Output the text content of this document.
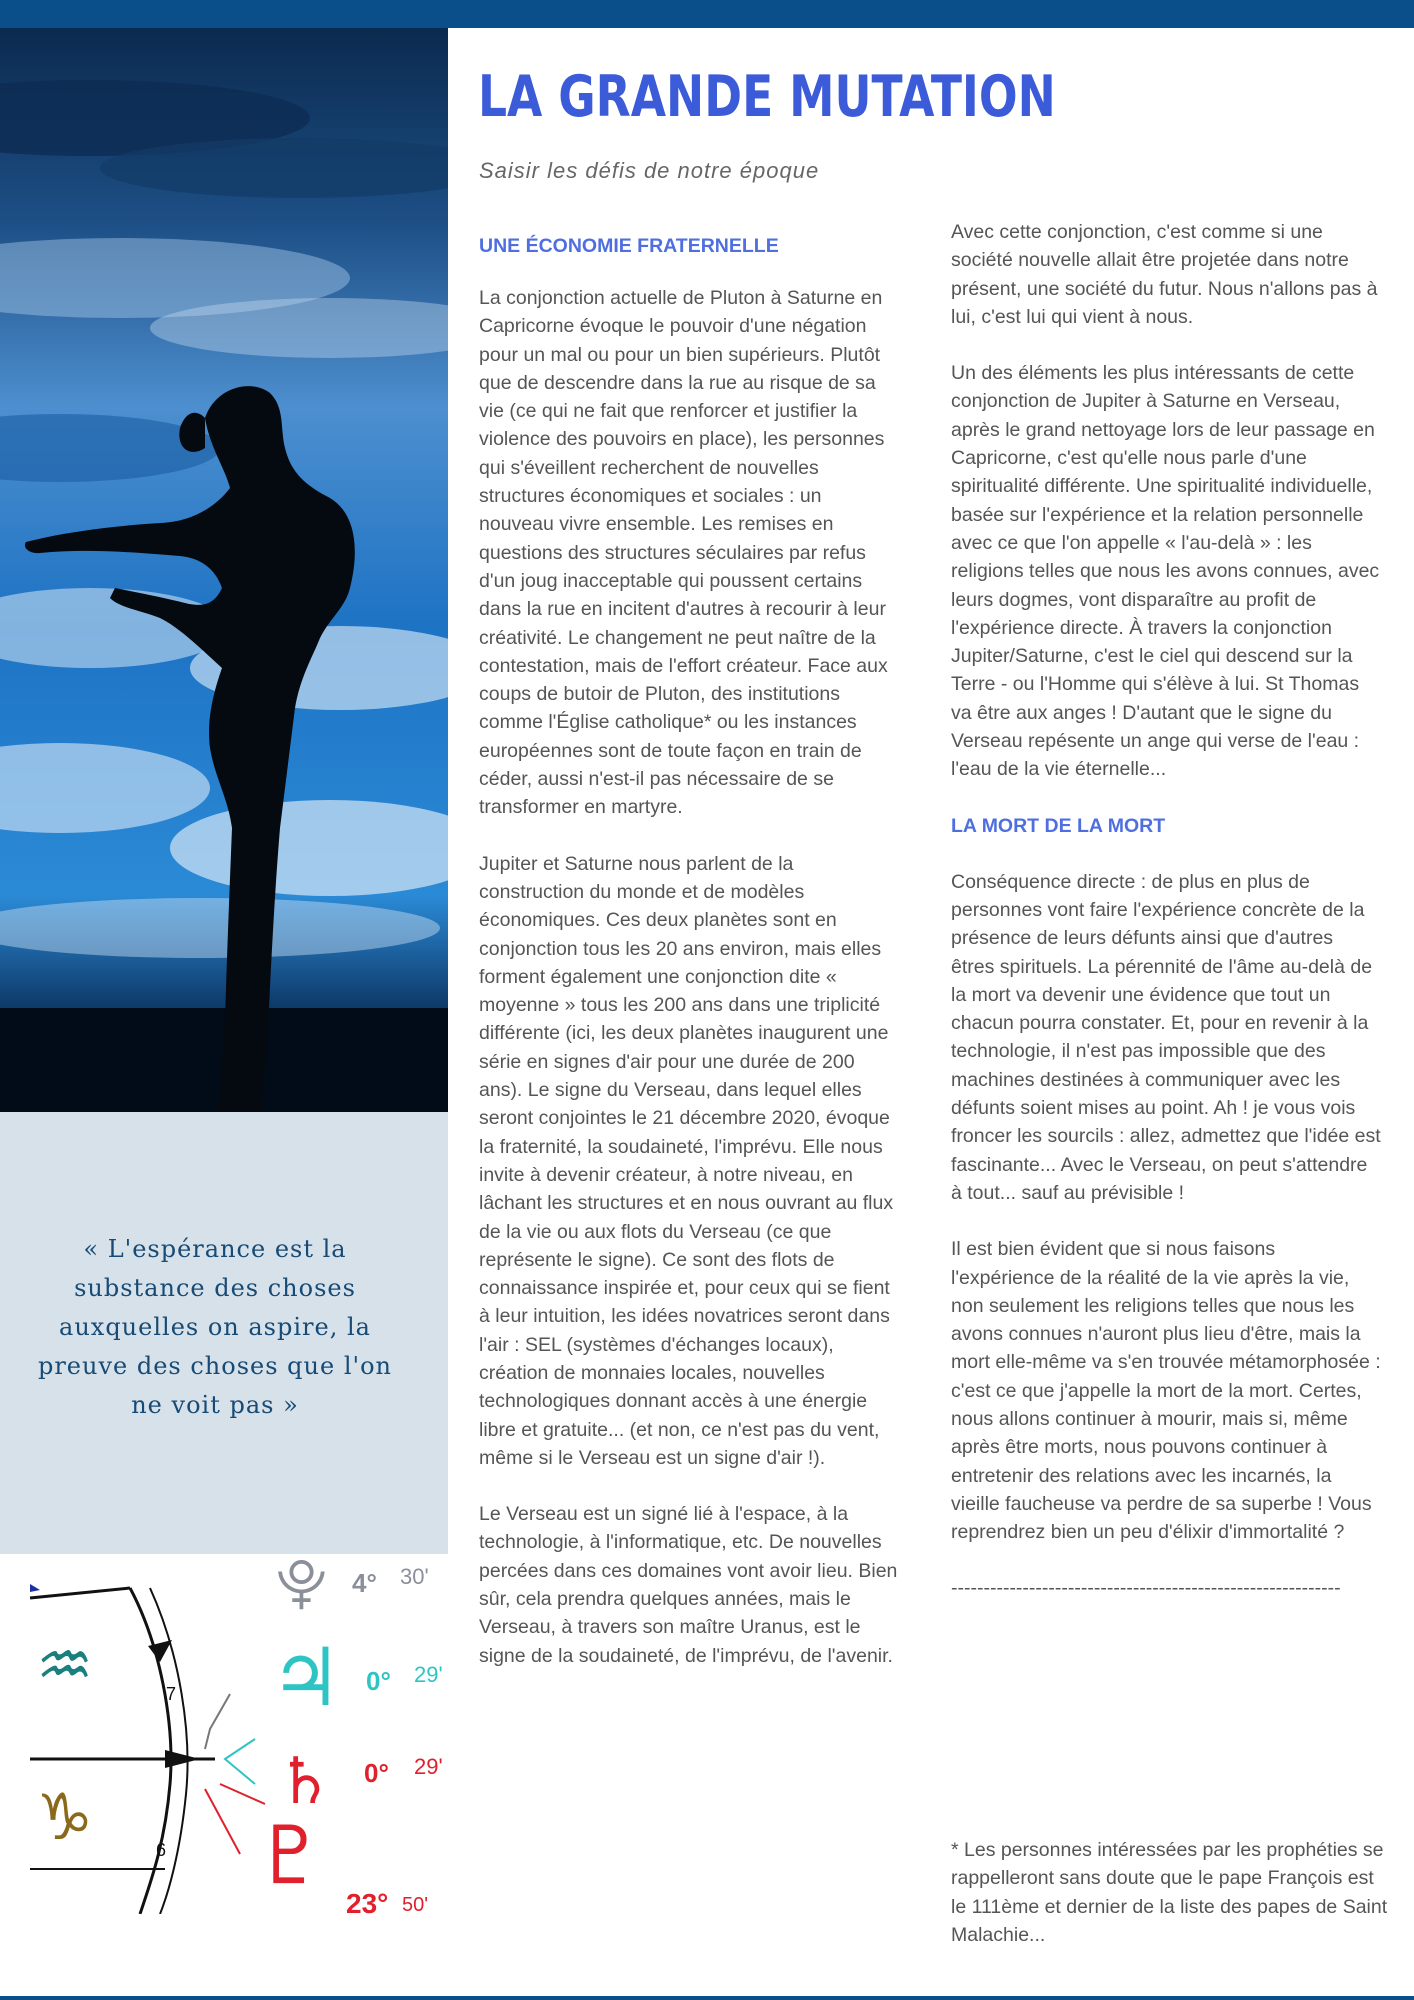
« L'espérance est la substance des choses auxquelles on aspire, la preuve des choses que l'on ne voit pas »
♒
♑
7
6
⯓ 4° 30'
♃ 0° 29'
♄ 0° 29'
♇
23° 50'
LA GRANDE MUTATION

Saisir les défis de notre époque

UNE ÉCONOMIE FRATERNELLE

La conjonction actuelle de Pluton à Saturne en Capricorne évoque le pouvoir d'une négation pour un mal ou pour un bien supérieurs. Plutôt que de descendre dans la rue au risque de sa vie (ce qui ne fait que renforcer et justifier la violence des pouvoirs en place), les personnes qui s'éveillent recherchent de nouvelles structures économiques et sociales : un nouveau vivre ensemble. Les remises en questions des structures séculaires par refus d'un joug inacceptable qui poussent certains dans la rue en incitent d'autres à recourir à leur créativité. Le changement ne peut naître de la contestation, mais de l'effort créateur. Face aux coups de butoir de Pluton, des institutions comme l'Église catholique* ou les instances européennes sont de toute façon en train de céder, aussi n'est-il pas nécessaire de se transformer en martyre.

Jupiter et Saturne nous parlent de la construction du monde et de modèles économiques. Ces deux planètes sont en conjonction tous les 20 ans environ, mais elles forment également une conjonction dite « moyenne » tous les 200 ans dans une triplicité différente (ici, les deux planètes inaugurent une série en signes d'air pour une durée de 200 ans). Le signe du Verseau, dans lequel elles seront conjointes le 21 décembre 2020, évoque la fraternité, la soudaineté, l'imprévu. Elle nous invite à devenir créateur, à notre niveau, en lâchant les structures et en nous ouvrant au flux de la vie ou aux flots du Verseau (ce que représente le signe). Ce sont des flots de connaissance inspirée et, pour ceux qui se fient à leur intuition, les idées novatrices seront dans l'air : SEL (systèmes d'échanges locaux), création de monnaies locales, nouvelles technologiques donnant accès à une énergie libre et gratuite... (et non, ce n'est pas du vent, même si le Verseau est un signe d'air !).

Le Verseau est un signé lié à l'espace, à la technologie, à l'informatique, etc. De nouvelles percées dans ces domaines vont avoir lieu. Bien sûr, cela prendra quelques années, mais le Verseau, à travers son maître Uranus, est le signe de la soudaineté, de l'imprévu, de l'avenir.

Avec cette conjonction, c'est comme si une société nouvelle allait être projetée dans notre présent, une société du futur. Nous n'allons pas à lui, c'est lui qui vient à nous.

Un des éléments les plus intéressants de cette conjonction de Jupiter à Saturne en Verseau, après le grand nettoyage lors de leur passage en Capricorne, c'est qu'elle nous parle d'une spiritualité différente. Une spiritualité individuelle, basée sur l'expérience et la relation personnelle avec ce que l'on appelle « l'au-delà » : les religions telles que nous les avons connues, avec leurs dogmes, vont disparaître au profit de l'expérience directe. À travers la conjonction Jupiter/Saturne, c'est le ciel qui descend sur la Terre - ou l'Homme qui s'élève à lui. St Thomas va être aux anges ! D'autant que le signe du Verseau repésente un ange qui verse de l'eau : l'eau de la vie éternelle...

LA MORT DE LA MORT

Conséquence directe : de plus en plus de personnes vont faire l'expérience concrète de la présence de leurs défunts ainsi que d'autres êtres spirituels. La pérennité de l'âme au-delà de la mort va devenir une évidence que tout un chacun pourra constater. Et, pour en revenir à la technologie, il n'est pas impossible que des machines destinées à communiquer avec les défunts soient mises au point. Ah ! je vous vois froncer les sourcils : allez, admettez que l'idée est fascinante... Avec le Verseau, on peut s'attendre à tout... sauf au prévisible !

Il est bien évident que si nous faisons l'expérience de la réalité de la vie après la vie, non seulement les religions telles que nous les avons connues n'auront plus lieu d'être, mais la mort elle-même va s'en trouvée métamorphosée : c'est ce que j'appelle la mort de la mort. Certes, nous allons continuer à mourir, mais si, même après être morts, nous pouvons continuer à entretenir des relations avec les incarnés, la vieille faucheuse va perdre de sa superbe ! Vous reprendrez bien un peu d'élixir d'immortalité ?

------------------------------------------------------------

* Les personnes intéressées par les prophéties se rappelleront sans doute que le pape François est le 111ème et dernier de la liste des papes de Saint Malachie...
